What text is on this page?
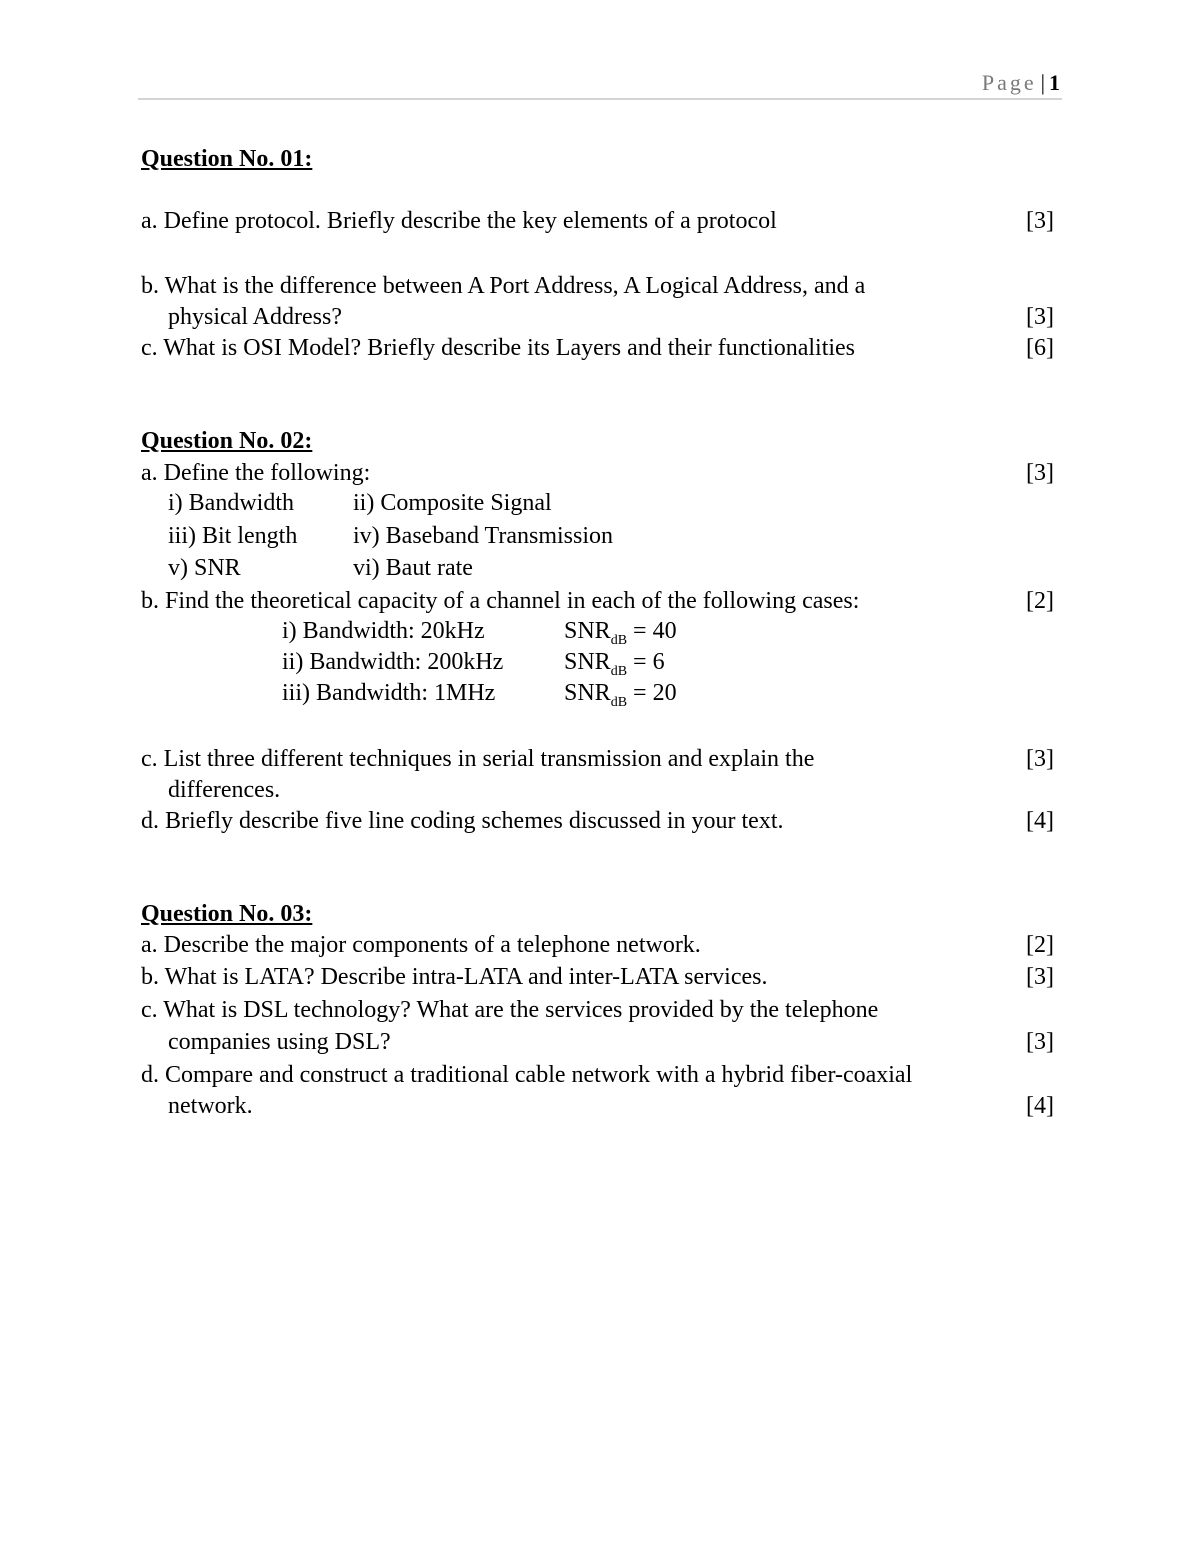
Page | 1
Question No. 01:
a. Define protocol. Briefly describe the key elements of a protocol	[3]
b. What is the difference between A Port Address, A Logical Address, and a
physical Address?	[3]
c. What is OSI Model? Briefly describe its Layers and their functionalities	[6]
Question No. 02:
a. Define the following:	[3]
i) Bandwidth ii) Composite Signal
iii) Bit length iv) Baseband Transmission
v) SNR	vi) Baut rate
b. Find the theoretical capacity of a channel in each of the following cases:	[2]
i) Bandwidth: 20kHz	$SNR_{dB} = 40$
ii) Bandwidth: 200kHz	$SNR_{dB} = 6$
iii) Bandwidth: 1MHz	$SNR_{dB} = 20$
c. List three different techniques in serial transmission and explain the	[3]
differences.
d. Briefly describe five line coding schemes discussed in your text.	[4]
Question No. 03:
a. Describe the major components of a telephone network.	[2]
b. What is LATA? Describe intra-LATA and inter-LATA services.	[3]
c. What is DSL technology? What are the services provided by the telephone
companies using DSL?	[3]
d. Compare and construct a traditional cable network with a hybrid fiber-coaxial
network.	[4]
